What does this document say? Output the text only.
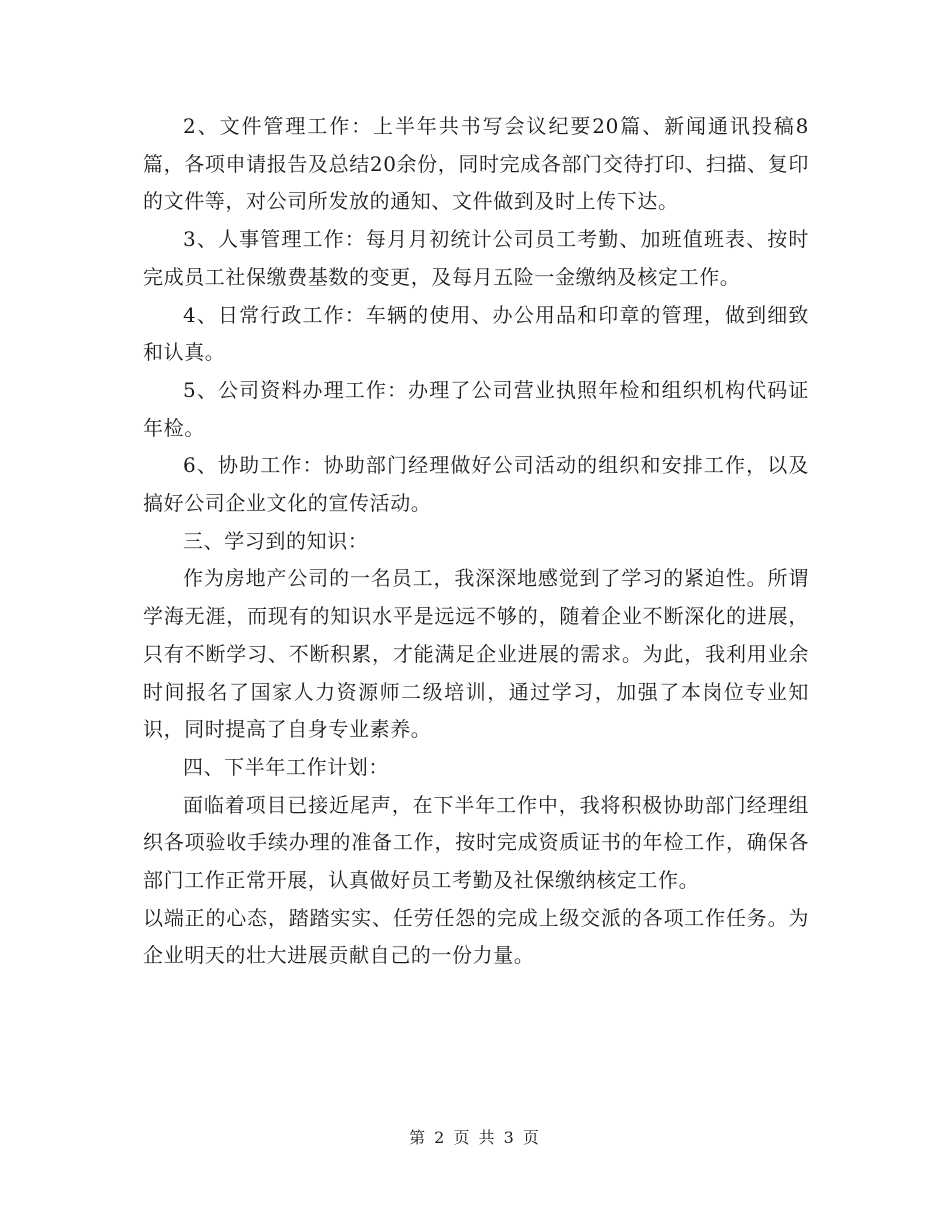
2、文件管理工作：上半年共书写会议纪要20篇、新闻通讯投稿8篇，各项申请报告及总结20余份，同时完成各部门交待打印、扫描、复印的文件等，对公司所发放的通知、文件做到及时上传下达。

3、人事管理工作：每月月初统计公司员工考勤、加班值班表、按时完成员工社保缴费基数的变更，及每月五险一金缴纳及核定工作。

4、日常行政工作：车辆的使用、办公用品和印章的管理，做到细致和认真。

5、公司资料办理工作：办理了公司营业执照年检和组织机构代码证年检。

6、协助工作：协助部门经理做好公司活动的组织和安排工作，以及搞好公司企业文化的宣传活动。

三、学习到的知识：

作为房地产公司的一名员工，我深深地感觉到了学习的紧迫性。所谓学海无涯，而现有的知识水平是远远不够的，随着企业不断深化的进展，只有不断学习、不断积累，才能满足企业进展的需求。为此，我利用业余时间报名了国家人力资源师二级培训，通过学习，加强了本岗位专业知识，同时提高了自身专业素养。

四、下半年工作计划：

面临着项目已接近尾声，在下半年工作中，我将积极协助部门经理组织各项验收手续办理的准备工作，按时完成资质证书的年检工作，确保各部门工作正常开展，认真做好员工考勤及社保缴纳核定工作。

以端正的心态，踏踏实实、任劳任怨的完成上级交派的各项工作任务。为企业明天的壮大进展贡献自己的一份力量。

第 2 页 共 3 页
